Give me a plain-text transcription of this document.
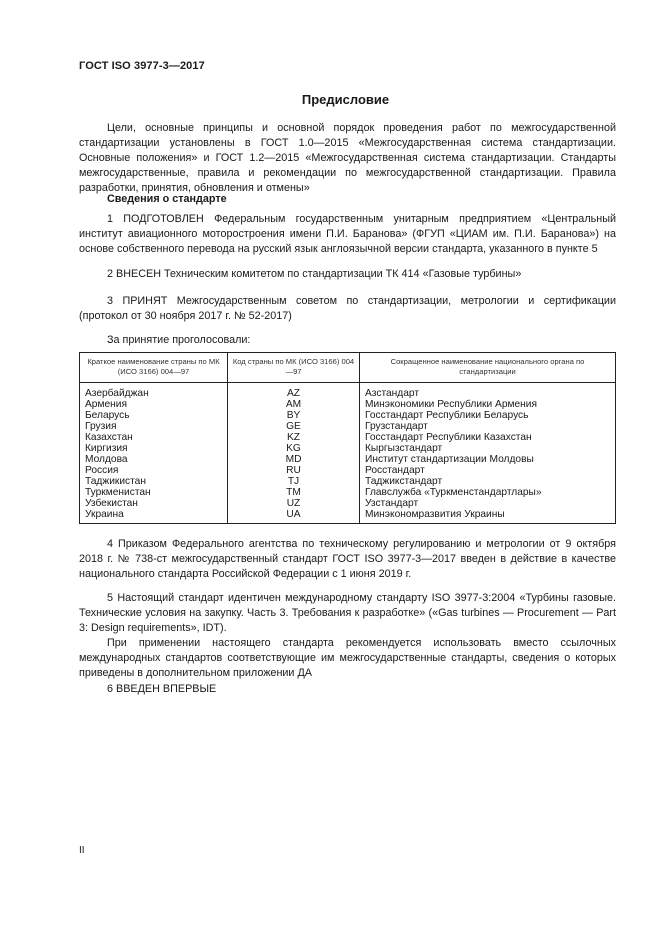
ГОСТ ISO 3977-3—2017
Предисловие

Цели, основные принципы и основной порядок проведения работ по межгосударственной стандартизации установлены в ГОСТ 1.0—2015 «Межгосударственная система стандартизации. Основные положения» и ГОСТ 1.2—2015 «Межгосударственная система стандартизации. Стандарты межгосударственные, правила и рекомендации по межгосударственной стандартизации. Правила разработки, принятия, обновления и отмены»

Сведения о стандарте

1 ПОДГОТОВЛЕН Федеральным государственным унитарным предприятием «Центральный институт авиационного моторостроения имени П.И. Баранова» (ФГУП «ЦИАМ им. П.И. Баранова») на основе собственного перевода на русский язык англоязычной версии стандарта, указанного в пункте 5

2 ВНЕСЕН Техническим комитетом по стандартизации ТК 414 «Газовые турбины»

3 ПРИНЯТ Межгосударственным советом по стандартизации, метрологии и сертификации (протокол от 30 ноября 2017 г. № 52-2017)

За принятие проголосовали:
Краткое наименование страны по МК (ИСО 3166) 004—97	Код страны по МК (ИСО 3166) 004—97	Сокращенное наименование национального органа по стандартизации
Азербайджан	AZ	Азстандарт
Армения	AM	Минэкономики Республики Армения
Беларусь	BY	Госстандарт Республики Беларусь
Грузия	GE	Грузстандарт
Казахстан	KZ	Госстандарт Республики Казахстан
Киргизия	KG	Кыргызстандарт
Молдова	MD	Институт стандартизации Молдовы
Россия	RU	Росстандарт
Таджикистан	TJ	Таджикстандарт
Туркменистан	TM	Главслужба «Туркменстандартлары»
Узбекистан	UZ	Узстандарт
Украина	UA	Минэкономразвития Украины

4 Приказом Федерального агентства по техническому регулированию и метрологии от 9 октября 2018 г. № 738-ст межгосударственный стандарт ГОСТ ISO 3977-3—2017 введен в действие в качестве национального стандарта Российской Федерации с 1 июня 2019 г.

5 Настоящий стандарт идентичен международному стандарту ISO 3977-3:2004 «Турбины газовые. Технические условия на закупку. Часть 3. Требования к разработке» («Gas turbines — Procurement — Part 3: Design requirements», IDT).

При применении настоящего стандарта рекомендуется использовать вместо ссылочных международных стандартов соответствующие им межгосударственные стандарты, сведения о которых приведены в дополнительном приложении ДА

6 ВВЕДЕН ВПЕРВЫЕ
II
